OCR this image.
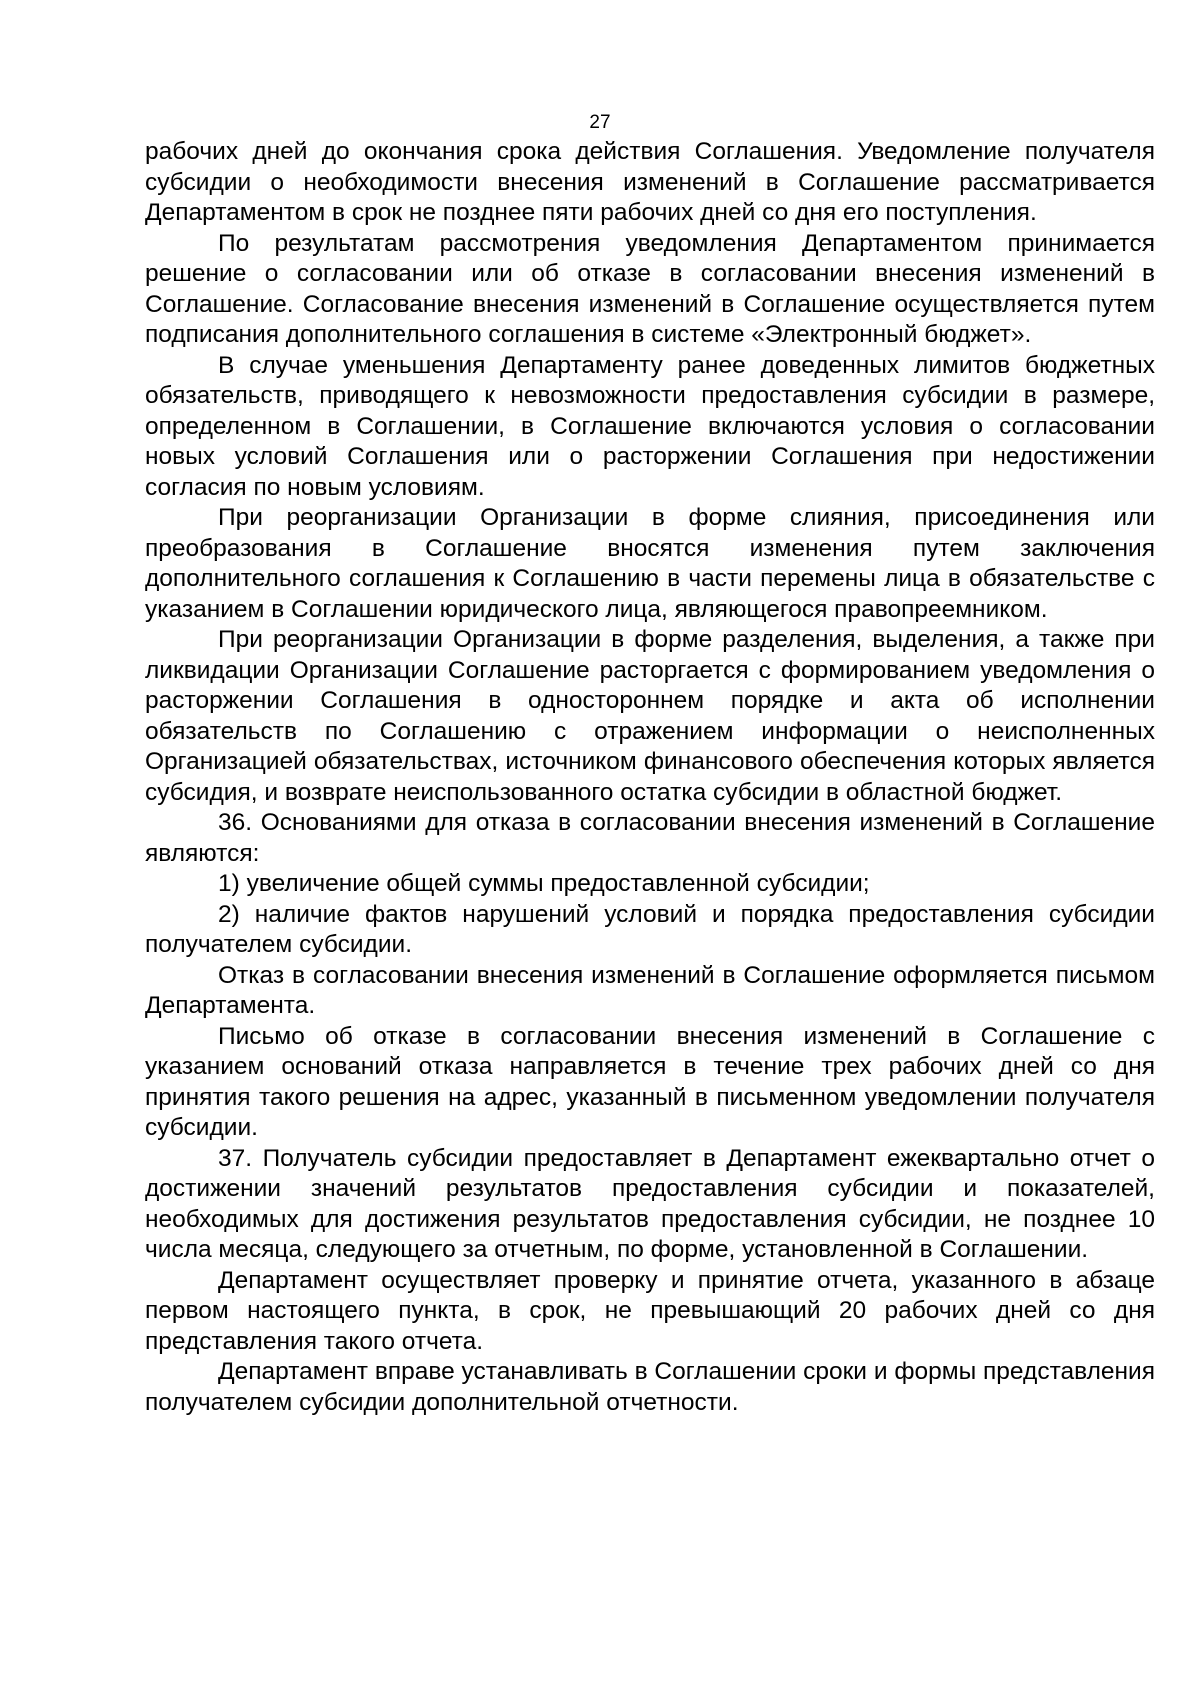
27

рабочих дней до окончания срока действия Соглашения. Уведомление получателя субсидии о необходимости внесения изменений в Соглашение рассматривается Департаментом в срок не позднее пяти рабочих дней со дня его поступления.

По результатам рассмотрения уведомления Департаментом принимается решение о согласовании или об отказе в согласовании внесения изменений в Соглашение. Согласование внесения изменений в Соглашение осуществляется путем подписания дополнительного соглашения в системе «Электронный бюджет».

В случае уменьшения Департаменту ранее доведенных лимитов бюджетных обязательств, приводящего к невозможности предоставления субсидии в размере, определенном в Соглашении, в Соглашение включаются условия о согласовании новых условий Соглашения или о расторжении Соглашения при недостижении согласия по новым условиям.

При реорганизации Организации в форме слияния, присоединения или преобразования в Соглашение вносятся изменения путем заключения дополнительного соглашения к Соглашению в части перемены лица в обязательстве с указанием в Соглашении юридического лица, являющегося правопреемником.

При реорганизации Организации в форме разделения, выделения, а также при ликвидации Организации Соглашение расторгается с формированием уведомления о расторжении Соглашения в одностороннем порядке и акта об исполнении обязательств по Соглашению с отражением информации о неисполненных Организацией обязательствах, источником финансового обеспечения которых является субсидия, и возврате неиспользованного остатка субсидии в областной бюджет.

36. Основаниями для отказа в согласовании внесения изменений в Соглашение являются:

1) увеличение общей суммы предоставленной субсидии;

2) наличие фактов нарушений условий и порядка предоставления субсидии получателем субсидии.

Отказ в согласовании внесения изменений в Соглашение оформляется письмом Департамента.

Письмо об отказе в согласовании внесения изменений в Соглашение с указанием оснований отказа направляется в течение трех рабочих дней со дня принятия такого решения на адрес, указанный в письменном уведомлении получателя субсидии.

37. Получатель субсидии предоставляет в Департамент ежеквартально отчет о достижении значений результатов предоставления субсидии и показателей, необходимых для достижения результатов предоставления субсидии, не позднее 10 числа месяца, следующего за отчетным, по форме, установленной в Соглашении.

Департамент осуществляет проверку и принятие отчета, указанного в абзаце первом настоящего пункта, в срок, не превышающий 20 рабочих дней со дня представления такого отчета.

Департамент вправе устанавливать в Соглашении сроки и формы представления получателем субсидии дополнительной отчетности.
